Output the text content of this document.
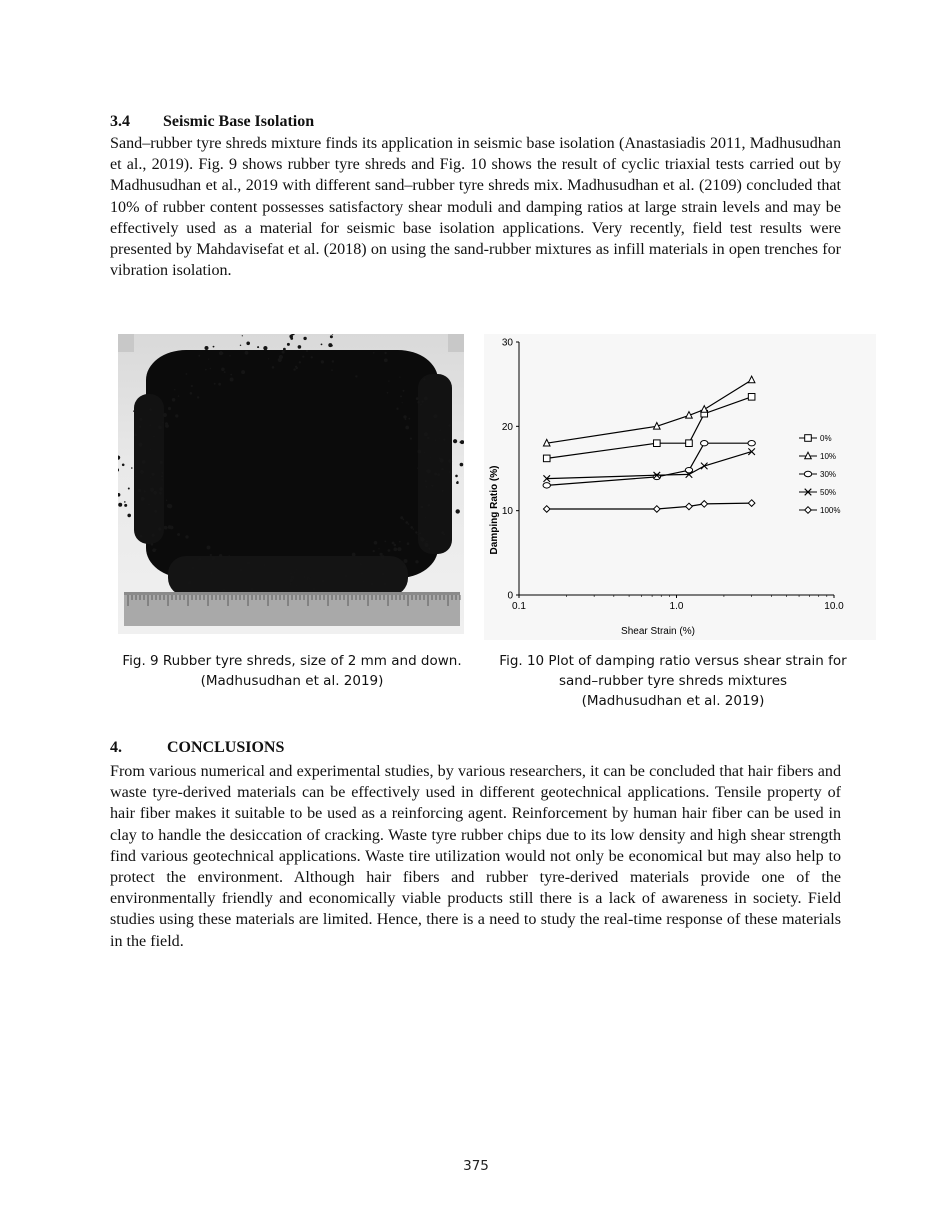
3.4 Seismic Base Isolation

Sand–rubber tyre shreds mixture finds its application in seismic base isolation (Anastasiadis 2011, Madhusudhan et al., 2019). Fig. 9 shows rubber tyre shreds and Fig. 10 shows the result of cyclic triaxial tests carried out by Madhusudhan et al., 2019 with different sand–rubber tyre shreds mix. Madhusudhan et al. (2109) concluded that 10% of rubber content possesses satisfactory shear moduli and damping ratios at large strain levels and may be effectively used as a material for seismic base isolation applications. Very recently, field test results were presented by Mahdavisefat et al. (2018) on using the sand-rubber mixtures as infill materials in open trenches for vibration isolation.

0
10
20
30
0.1	1.0	10.0
0%
10%
30%
50%
100%
Shear Strain (%)
Damping Ratio (%)
Fig. 9 Rubber tyre shreds, size of 2 mm and down.
(Madhusudhan et al. 2019)
Fig. 10 Plot of damping ratio versus shear strain for
sand–rubber tyre shreds mixtures
(Madhusudhan et al. 2019)
4.	CONCLUSIONS

From various numerical and experimental studies, by various researchers, it can be concluded that hair fibers and waste tyre-derived materials can be effectively used in different geotechnical applications. Tensile property of hair fiber makes it suitable to be used as a reinforcing agent. Reinforcement by human hair fiber can be used in clay to handle the desiccation of cracking. Waste tyre rubber chips due to its low density and high shear strength find various geotechnical applications. Waste tire utilization would not only be economical but may also help to protect the environment. Although hair fibers and rubber tyre-derived materials provide one of the environmentally friendly and economically viable products still there is a lack of awareness in society. Field studies using these materials are limited. Hence, there is a need to study the real-time response of these materials in the field.

375
